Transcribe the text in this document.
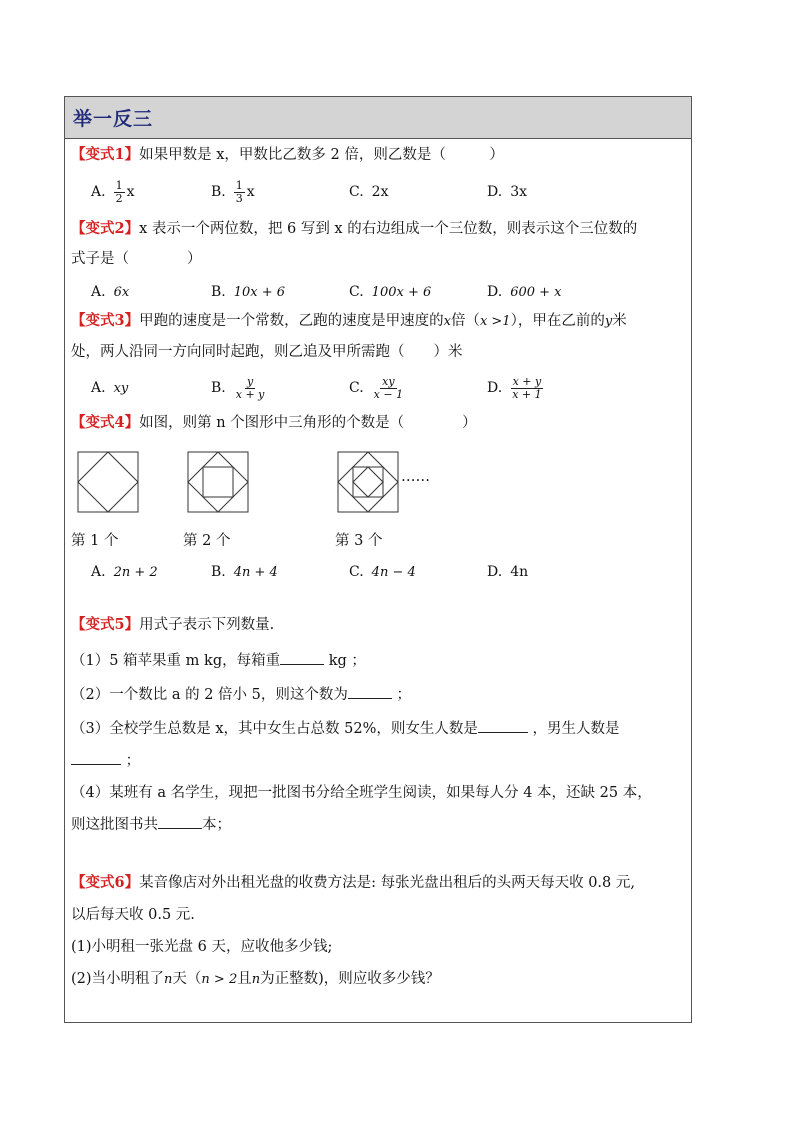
举一反三
【变式1】如果甲数是 x，甲数比乙数多 2 倍，则乙数是（　　　）
A. $\frac{1}{2}$ x	B. $\frac{1}{3}$ x	C. 2x	D. 3x
【变式2】x 表示一个两位数，把 6 写到 x 的右边组成一个三位数，则表示这个三位数的
式子是（　　　　）
A. 6x	B. 10x + 6	C. 100x + 6	D. 600 + x
【变式3】甲跑的速度是一个常数，乙跑的速度是甲速度的x倍（x >1），甲在乙前的y米
处，两人沿同一方向同时起跑，则乙追及甲所需跑（　　）米
A. xy	B. $\frac{y}{x + y}$	C. $\frac{xy}{x - 1}$	D. $\frac{x + y}{x + 1}$
【变式4】如图，则第 n 个图形中三角形的个数是（　　　　）
……
第 1 个	第 2 个	第 3 个
A. 2n + 2	B. 4n + 4	C. 4n − 4	D. 4n
【变式5】用式子表示下列数量.
（1）5 箱苹果重 m kg，每箱重	kg ；
（2）一个数比 a 的 2 倍小 5，则这个数为	；
（3）全校学生总数是 x，其中女生占总数 52%，则女生人数是	，男生人数是
；
（4）某班有 a 名学生，现把一批图书分给全班学生阅读，如果每人分 4 本，还缺 25 本，
则这批图书共	本；
【变式6】某音像店对外出租光盘的收费方法是: 每张光盘出租后的头两天每天收 0.8 元,
以后每天收 0.5 元.
(1)小明租一张光盘 6 天，应收他多少钱;
(2)当小明租了n天（n > 2且n为正整数)，则应收多少钱？
